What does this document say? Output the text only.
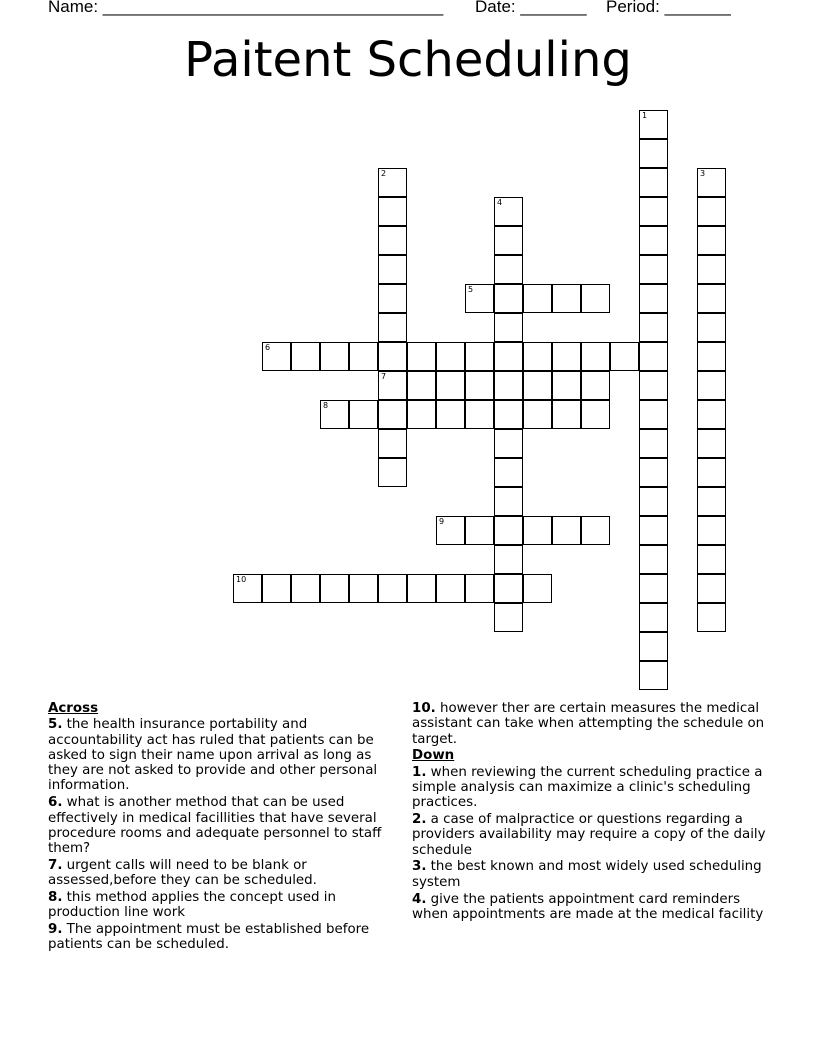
Name: ____________________________________ Date: _______ Period: _______
Paitent Scheduling
5
6
7
8
9
10
1
2	3
4
Across
5. the health insurance portability and accountability act has ruled that patients can be asked to sign their name upon arrival as long as they are not asked to provide and other personal information.
6. what is another method that can be used effectively in medical facillities that have several procedure rooms and adequate personnel to staff them?
7. urgent calls will need to be blank or assessed,before they can be scheduled.
8. this method applies the concept used in production line work
9. The appointment must be established before patients can be scheduled.
10. however ther are certain measures the medical assistant can take when attempting the schedule on target.
Down
1. when reviewing the current scheduling practice a simple analysis can maximize a clinic's scheduling practices.
2. a case of malpractice or questions regarding a providers availability may require a copy of the daily schedule
3. the best known and most widely used scheduling system
4. give the patients appointment card reminders when appointments are made at the medical facility
